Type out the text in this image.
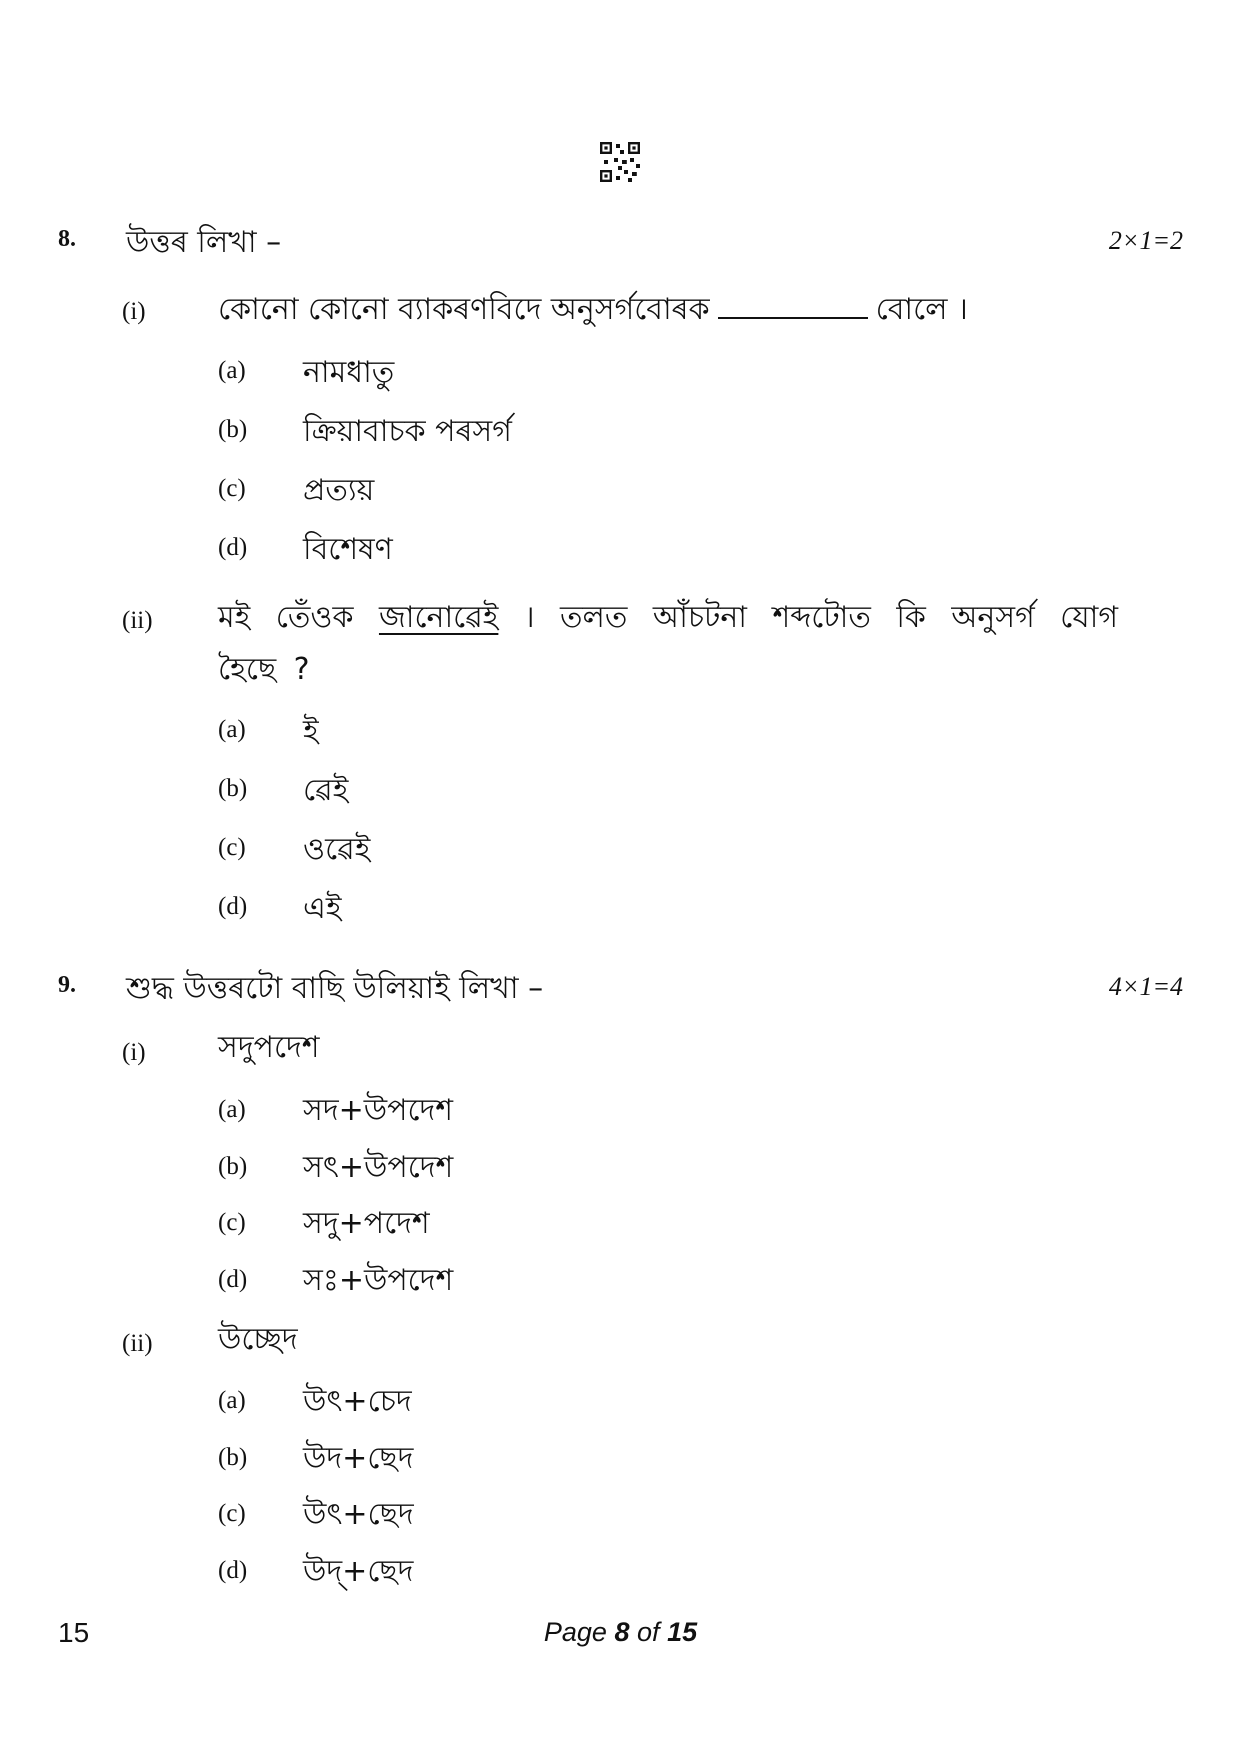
8. উত্তৰ লিখা –	2×1=2
(i) কোনো কোনো ব্যাকৰণবিদে অনুসৰ্গবোৰক	বোলে ।
(a) নামধাতু
(b) ক্ৰিয়াবাচক পৰসৰ্গ
(c) প্ৰত্যয়
(d) বিশেষণ
(ii) মই তেঁওক জানোৱেই । তলত আঁচটনা শব্দটোত কি অনুসৰ্গ যোগ হৈছে ?
(a) ই
(b) ৱেই
(c) ওৱেই
(d) এই
9. শুদ্ধ উত্তৰটো বাছি উলিয়াই লিখা –	4×1=4
(i) সদুপদেশ
(a) সদ+উপদেশ
(b) সৎ+উপদেশ
(c) সদু+পদেশ
(d) সঃ+উপদেশ
(ii) উচ্ছেদ
(a) উৎ+চেদ
(b) উদ+ছেদ
(c) উৎ+ছেদ
(d) উদ্+ছেদ
15	Page 8 of 15
